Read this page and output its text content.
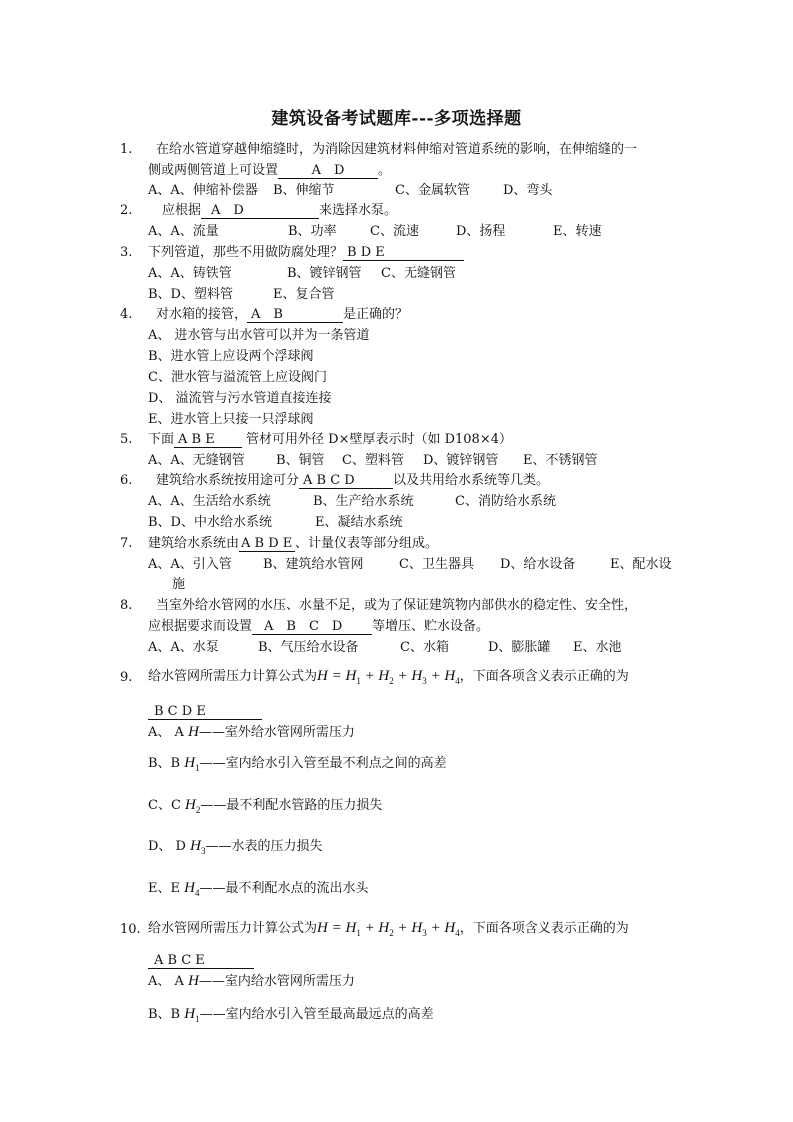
建筑设备考试题库---多项选择题
1. 在给水管道穿越伸缩缝时，为消除因建筑材料伸缩对管道系统的影响，在伸缩缝的一
侧或两侧管道上可设置	A　D	。
A、A、伸缩补偿器 B、伸缩节	C、金属软管	D、弯头
2. 应根据 A　D	来选择水泵。
A、A、流量	B、功率	C、流速	D、扬程	E、转速
3. 下列管道，那些不用做防腐处理？ B D E
A、A、铸铁管	B、镀锌钢管 C、无缝钢管
B、D、塑料管	E、复合管
4. 对水箱的接管， A　B	是正确的？
A、 进水管与出水管可以并为一条管道
B、进水管上应设两个浮球阀
C、泄水管与溢流管上应设阀门
D、 溢流管与污水管道直接连接
E、进水管上只接一只浮球阀
5. 下面 A B E 管材可用外径 D×壁厚表示时（如 D108×4）
A、A、无缝钢管 B、铜管 C、塑料管 D、镀锌钢管 E、不锈钢管
6. 建筑给水系统按用途可分 A B C D	以及共用给水系统等几类。
A、A、生活给水系统	B、生产给水系统	C、消防给水系统
B、D、中水给水系统	E、凝结水系统
7. 建筑给水系统由 A B D E 、计量仪表等部分组成。
A、A、引入管 B、建筑给水管网	C、卫生器具 D、给水设备	E、配水设
施
8. 当室外给水管网的水压、水量不足，或为了保证建筑物内部供水的稳定性、安全性，
应根据要求而设置 A　B　C　D 等增压、贮水设备。
A、A、水泵	B、气压给水设备	C、水箱	D、膨胀罐 E、水池
9. 给水管网所需压力计算公式为$H = H_1 + H_2 + H_3 + H_4$，下面各项含义表示正确的为
B C D E
A、 A H——室外给水管网所需压力
B、B $H_1——$室内给水引入管至最不利点之间的高差
C、C $H_2——$最不利配水管路的压力损失
D、 D $H_3——$水表的压力损失
E、E $H_4——$最不利配水点的流出水头
10. 给水管网所需压力计算公式为$H = H_1 + H_2 + H_3 + H_4$，下面各项含义表示正确的为
A B C E
A、 A H——室内给水管网所需压力
B、B $H_1——$室内给水引入管至最高最远点的高差
